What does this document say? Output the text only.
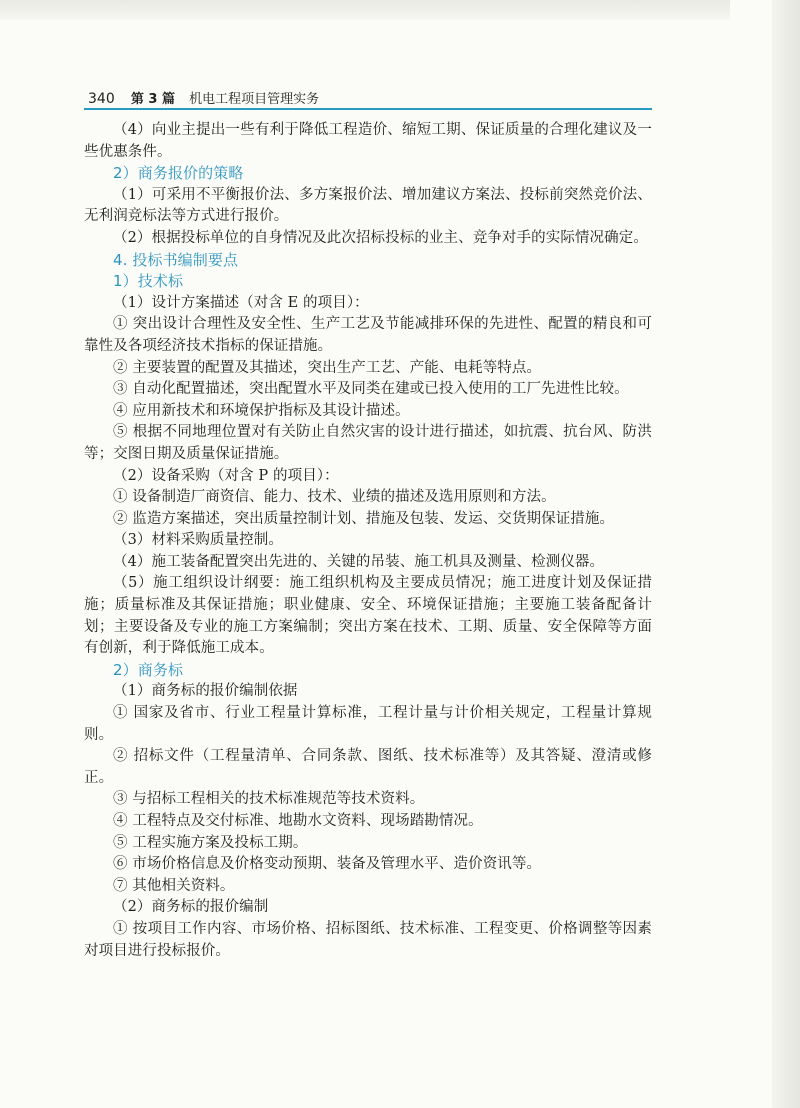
340 第 3 篇 机电工程项目管理实务

（4）向业主提出一些有利于降低工程造价、缩短工期、保证质量的合理化建议及一些优惠条件。

2）商务报价的策略

（1）可采用不平衡报价法、多方案报价法、增加建议方案法、投标前突然竞价法、无利润竞标法等方式进行报价。

（2）根据投标单位的自身情况及此次招标投标的业主、竞争对手的实际情况确定。

4. 投标书编制要点

1）技术标

（1）设计方案描述（对含 E 的项目）：

① 突出设计合理性及安全性、生产工艺及节能减排环保的先进性、配置的精良和可靠性及各项经济技术指标的保证措施。

② 主要装置的配置及其描述，突出生产工艺、产能、电耗等特点。

③ 自动化配置描述，突出配置水平及同类在建或已投入使用的工厂先进性比较。

④ 应用新技术和环境保护指标及其设计描述。

⑤ 根据不同地理位置对有关防止自然灾害的设计进行描述，如抗震、抗台风、防洪等；交图日期及质量保证措施。

（2）设备采购（对含 P 的项目）：

① 设备制造厂商资信、能力、技术、业绩的描述及选用原则和方法。

② 监造方案描述，突出质量控制计划、措施及包装、发运、交货期保证措施。

（3）材料采购质量控制。

（4）施工装备配置突出先进的、关键的吊装、施工机具及测量、检测仪器。

（5）施工组织设计纲要：施工组织机构及主要成员情况；施工进度计划及保证措施；质量标准及其保证措施；职业健康、安全、环境保证措施；主要施工装备配备计划；主要设备及专业的施工方案编制；突出方案在技术、工期、质量、安全保障等方面有创新，利于降低施工成本。

2）商务标

（1）商务标的报价编制依据

① 国家及省市、行业工程量计算标准，工程计量与计价相关规定，工程量计算规则。

② 招标文件（工程量清单、合同条款、图纸、技术标准等）及其答疑、澄清或修正。

③ 与招标工程相关的技术标准规范等技术资料。

④ 工程特点及交付标准、地勘水文资料、现场踏勘情况。

⑤ 工程实施方案及投标工期。

⑥ 市场价格信息及价格变动预期、装备及管理水平、造价资讯等。

⑦ 其他相关资料。

（2）商务标的报价编制

① 按项目工作内容、市场价格、招标图纸、技术标准、工程变更、价格调整等因素对项目进行投标报价。
